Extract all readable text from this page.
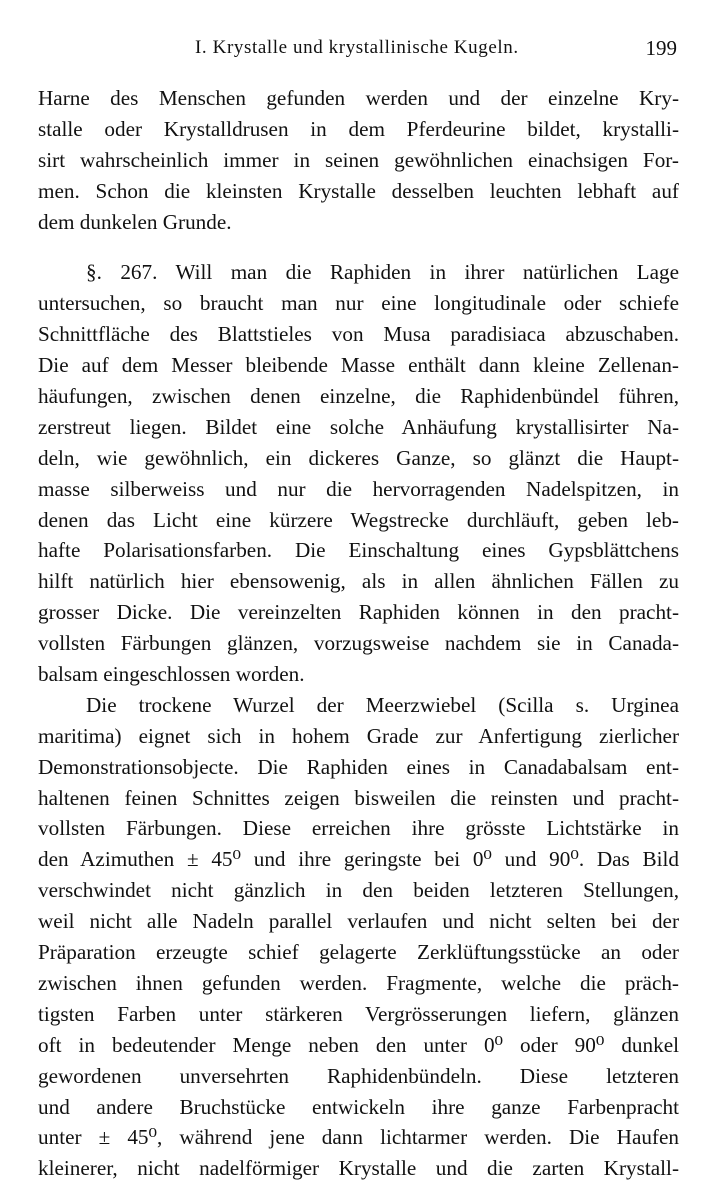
I. Krystalle und krystallinische Kugeln.	199
Harne des Menschen gefunden werden und der einzelne Kry-
stalle oder Krystalldrusen in dem Pferdeurine bildet, krystalli-
sirt wahrscheinlich immer in seinen gewöhnlichen einachsigen For-
men. Schon die kleinsten Krystalle desselben leuchten lebhaft auf
dem dunkelen Grunde.
§. 267. Will man die Raphiden in ihrer natürlichen Lage
untersuchen, so braucht man nur eine longitudinale oder schiefe
Schnittfläche des Blattstieles von Musa paradisiaca abzuschaben.
Die auf dem Messer bleibende Masse enthält dann kleine Zellenan-
häufungen, zwischen denen einzelne, die Raphidenbündel führen,
zerstreut liegen. Bildet eine solche Anhäufung krystallisirter Na-
deln, wie gewöhnlich, ein dickeres Ganze, so glänzt die Haupt-
masse silberweiss und nur die hervorragenden Nadelspitzen, in
denen das Licht eine kürzere Wegstrecke durchläuft, geben leb-
hafte Polarisationsfarben. Die Einschaltung eines Gypsblättchens
hilft natürlich hier ebensowenig, als in allen ähnlichen Fällen zu
grosser Dicke. Die vereinzelten Raphiden können in den pracht-
vollsten Färbungen glänzen, vorzugsweise nachdem sie in Canada-
balsam eingeschlossen worden.
Die trockene Wurzel der Meerzwiebel (Scilla s. Urginea
maritima) eignet sich in hohem Grade zur Anfertigung zierlicher
Demonstrationsobjecte. Die Raphiden eines in Canadabalsam ent-
haltenen feinen Schnittes zeigen bisweilen die reinsten und pracht-
vollsten Färbungen. Diese erreichen ihre grösste Lichtstärke in
den Azimuthen ± 45⁰ und ihre geringste bei 0⁰ und 90⁰. Das Bild
verschwindet nicht gänzlich in den beiden letzteren Stellungen,
weil nicht alle Nadeln parallel verlaufen und nicht selten bei der
Präparation erzeugte schief gelagerte Zerklüftungsstücke an oder
zwischen ihnen gefunden werden. Fragmente, welche die präch-
tigsten Farben unter stärkeren Vergrösserungen liefern, glänzen
oft in bedeutender Menge neben den unter 0⁰ oder 90⁰ dunkel
gewordenen unversehrten Raphidenbündeln. Diese letzteren
und andere Bruchstücke entwickeln ihre ganze Farbenpracht
unter ± 45⁰, während jene dann lichtarmer werden. Die Haufen
kleinerer, nicht nadelförmiger Krystalle und die zarten Krystall-
